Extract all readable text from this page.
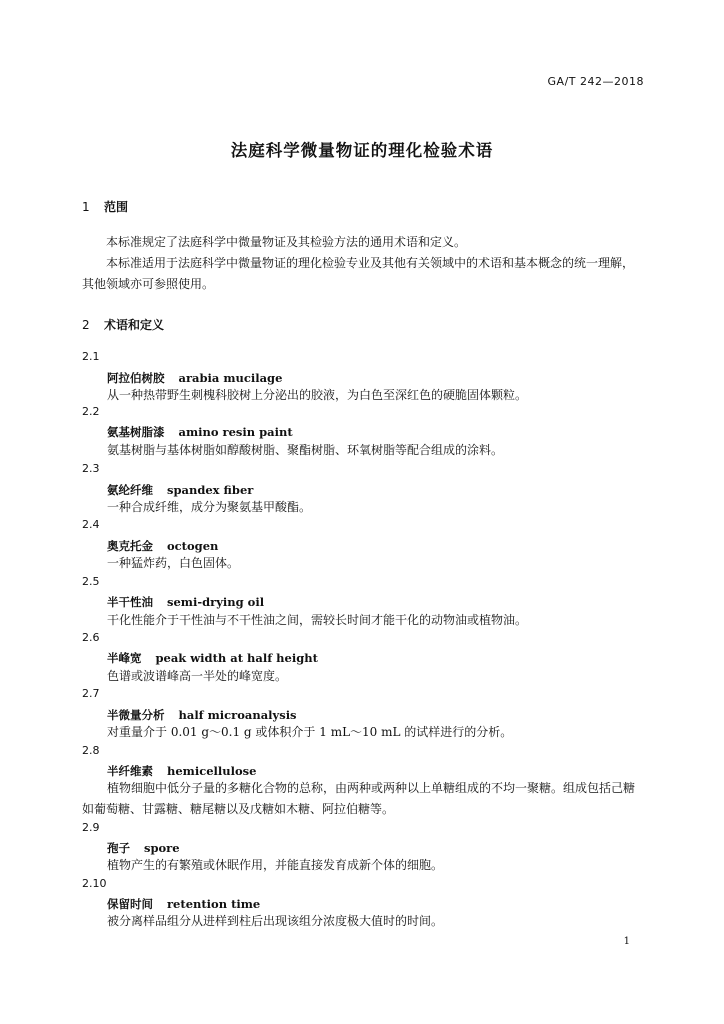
GA/T 242—2018
法庭科学微量物证的理化检验术语
1 范围
本标准规定了法庭科学中微量物证及其检验方法的通用术语和定义。
本标准适用于法庭科学中微量物证的理化检验专业及其他有关领域中的术语和基本概念的统一理解，其他领域亦可参照使用。
2 术语和定义
2.1
阿拉伯树胶 arabia mucilage
从一种热带野生刺槐科胶树上分泌出的胶液，为白色至深红色的硬脆固体颗粒。
2.2
氨基树脂漆 amino resin paint
氨基树脂与基体树脂如醇酸树脂、聚酯树脂、环氧树脂等配合组成的涂料。
2.3
氨纶纤维 spandex fiber
一种合成纤维，成分为聚氨基甲酸酯。
2.4
奥克托金 octogen
一种猛炸药，白色固体。
2.5
半干性油 semi-drying oil
干化性能介于干性油与不干性油之间，需较长时间才能干化的动物油或植物油。
2.6
半峰宽 peak width at half height
色谱或波谱峰高一半处的峰宽度。
2.7
半微量分析 half microanalysis
对重量介于 0.01 g～0.1 g 或体积介于 1 mL～10 mL 的试样进行的分析。
2.8
半纤维素 hemicellulose
植物细胞中低分子量的多糖化合物的总称，由两种或两种以上单糖组成的不均一聚糖。组成包括己糖如葡萄糖、甘露糖、糖尾糖以及戊糖如木糖、阿拉伯糖等。
2.9
孢子 spore
植物产生的有繁殖或休眠作用，并能直接发育成新个体的细胞。
2.10
保留时间 retention time
被分离样品组分从进样到柱后出现该组分浓度极大值时的时间。
1
